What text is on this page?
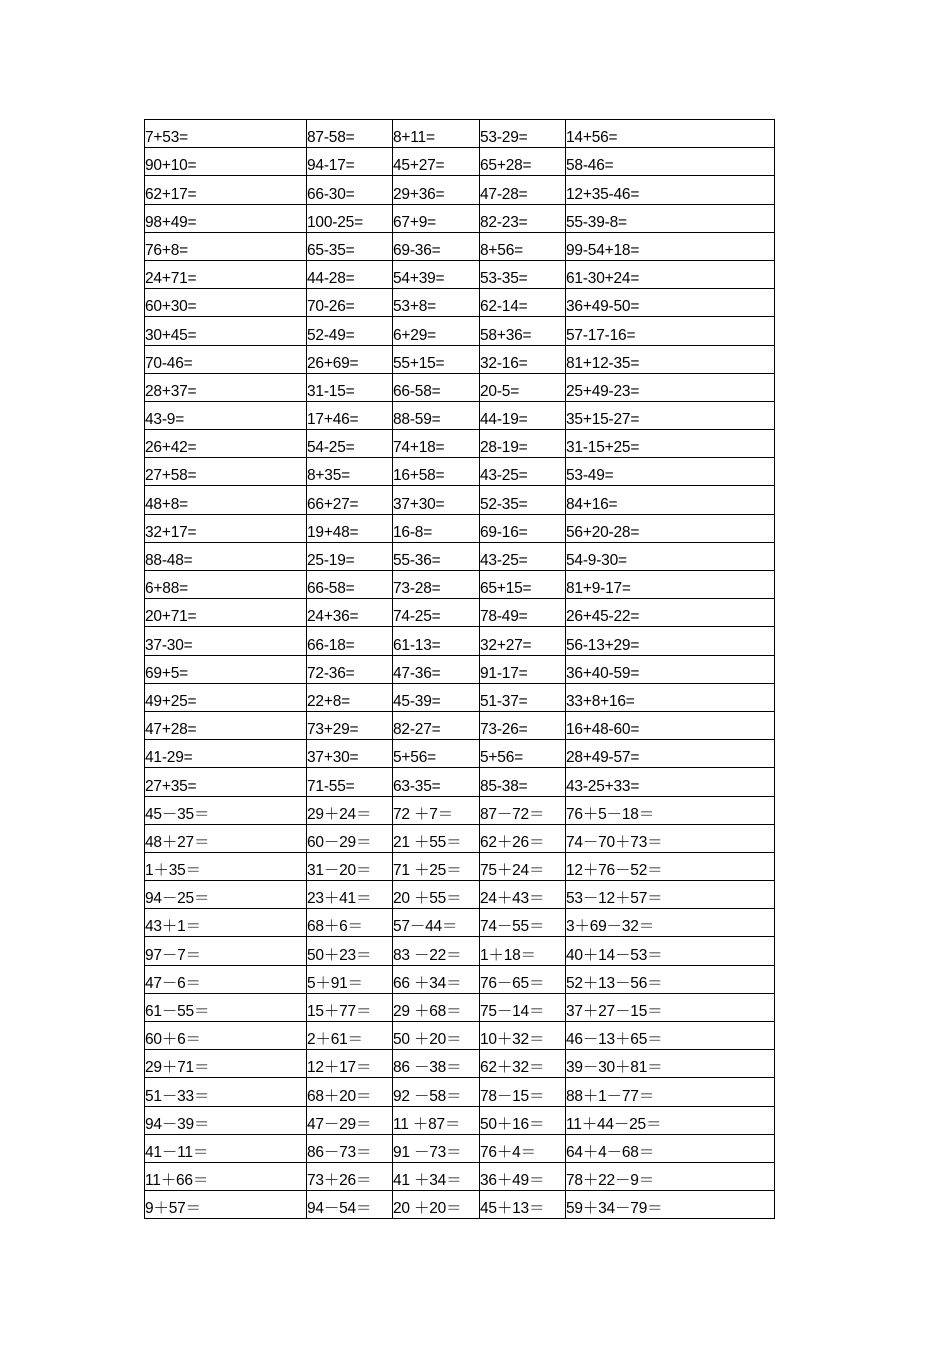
7+53=	87-58=	8+11=	53-29=	14+56=
90+10=	94-17=	45+27=	65+28=	58-46=
62+17=	66-30=	29+36=	47-28=	12+35-46=
98+49=	100-25=	67+9=	82-23=	55-39-8=
76+8=	65-35=	69-36=	8+56=	99-54+18=
24+71=	44-28=	54+39=	53-35=	61-30+24=
60+30=	70-26=	53+8=	62-14=	36+49-50=
30+45=	52-49=	6+29=	58+36=	57-17-16=
70-46=	26+69=	55+15=	32-16=	81+12-35=
28+37=	31-15=	66-58=	20-5=	25+49-23=
43-9=	17+46=	88-59=	44-19=	35+15-27=
26+42=	54-25=	74+18=	28-19=	31-15+25=
27+58=	8+35=	16+58=	43-25=	53-49=
48+8=	66+27=	37+30=	52-35=	84+16=
32+17=	19+48=	16-8=	69-16=	56+20-28=
88-48=	25-19=	55-36=	43-25=	54-9-30=
6+88=	66-58=	73-28=	65+15=	81+9-17=
20+71=	24+36=	74-25=	78-49=	26+45-22=
37-30=	66-18=	61-13=	32+27=	56-13+29=
69+5=	72-36=	47-36=	91-17=	36+40-59=
49+25=	22+8=	45-39=	51-37=	33+8+16=
47+28=	73+29=	82-27=	73-26=	16+48-60=
41-29=	37+30=	5+56=	5+56=	28+49-57=
27+35=	71-55=	63-35=	85-38=	43-25+33=
45－35＝	29＋24＝	72 ＋7＝	87－72＝	76＋5－18＝
48＋27＝	60－29＝	21 ＋55＝	62＋26＝	74－70＋73＝
1＋35＝	31－20＝	71 ＋25＝	75＋24＝	12＋76－52＝
94－25＝	23＋41＝	20 ＋55＝	24＋43＝	53－12＋57＝
43＋1＝	68＋6＝	57－44＝	74－55＝	3＋69－32＝
97－7＝	50＋23＝	83 －22＝	1＋18＝	40＋14－53＝
47－6＝	5＋91＝	66 ＋34＝	76－65＝	52＋13－56＝
61－55＝	15＋77＝	29 ＋68＝	75－14＝	37＋27－15＝
60＋6＝	2＋61＝	50 ＋20＝	10＋32＝	46－13＋65＝
29＋71＝	12＋17＝	86 －38＝	62＋32＝	39－30＋81＝
51－33＝	68＋20＝	92 －58＝	78－15＝	88＋1－77＝
94－39＝	47－29＝	11 ＋87＝	50＋16＝	11＋44－25＝
41－11＝	86－73＝	91 －73＝	76＋4＝	64＋4－68＝
11＋66＝	73＋26＝	41 ＋34＝	36＋49＝	78＋22－9＝
9＋57＝	94－54＝	20 ＋20＝	45＋13＝	59＋34－79＝
